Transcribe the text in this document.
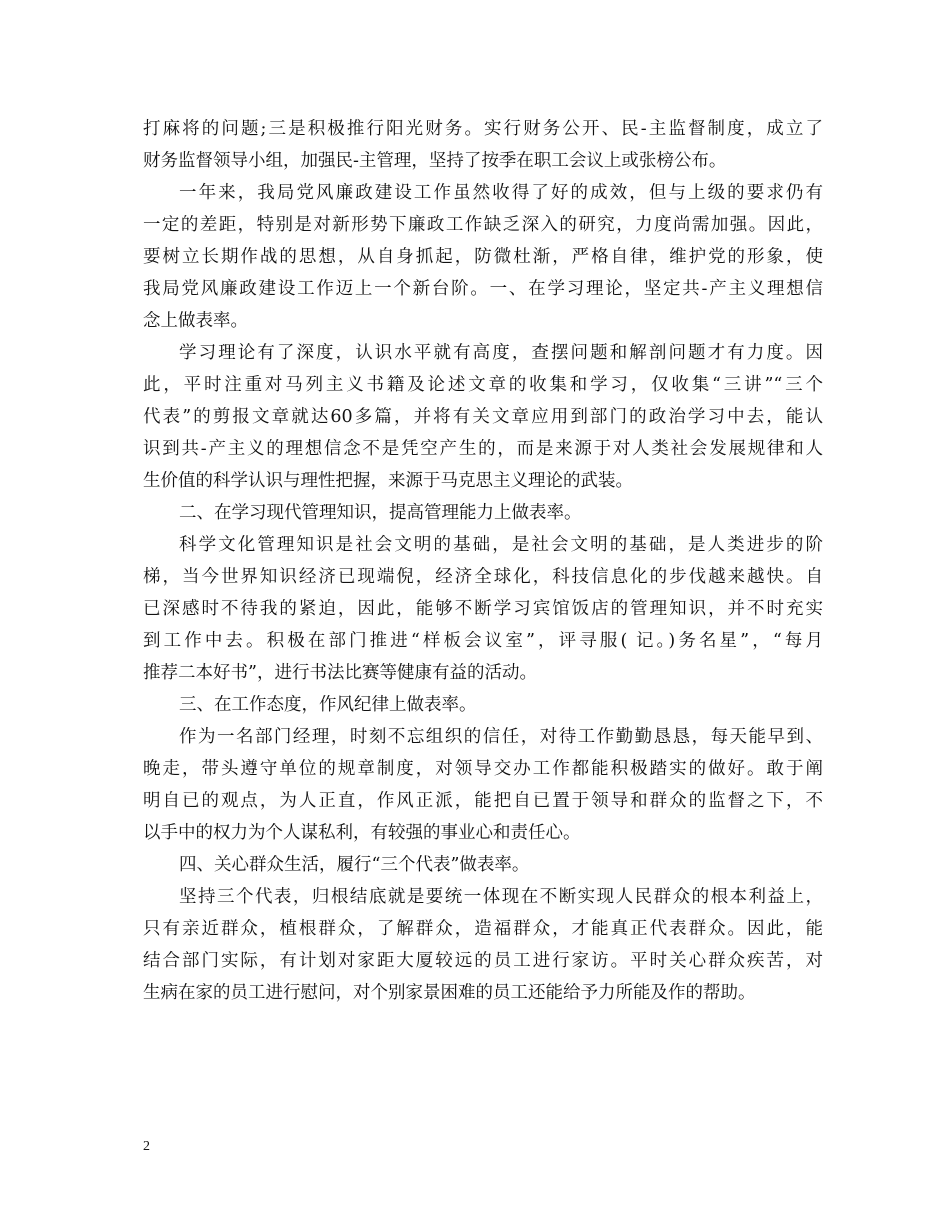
打麻将的问题;三是积极推行阳光财务。实行财务公开、民-主监督制度，成立了
财务监督领导小组，加强民-主管理，坚持了按季在职工会议上或张榜公布。
一年来，我局党风廉政建设工作虽然收得了好的成效，但与上级的要求仍有
一定的差距，特别是对新形势下廉政工作缺乏深入的研究，力度尚需加强。因此，
要树立长期作战的思想，从自身抓起，防微杜渐，严格自律，维护党的形象，使
我局党风廉政建设工作迈上一个新台阶。一、在学习理论，坚定共-产主义理想信
念上做表率。
学习理论有了深度，认识水平就有高度，查摆问题和解剖问题才有力度。因
此，平时注重对马列主义书籍及论述文章的收集和学习，仅收集“三讲”“三个
代表”的剪报文章就达60多篇，并将有关文章应用到部门的政治学习中去，能认
识到共-产主义的理想信念不是凭空产生的，而是来源于对人类社会发展规律和人
生价值的科学认识与理性把握，来源于马克思主义理论的武装。
二、在学习现代管理知识，提高管理能力上做表率。
科学文化管理知识是社会文明的基础，是社会文明的基础，是人类进步的阶
梯，当今世界知识经济已现端倪，经济全球化，科技信息化的步伐越来越快。自
已深感时不待我的紧迫，因此，能够不断学习宾馆饭店的管理知识，并不时充实
到工作中去。积极在部门推进“样板会议室”，评寻服( 记。)务名星”，“每月
推荐二本好书”，进行书法比赛等健康有益的活动。
三、在工作态度，作风纪律上做表率。
作为一名部门经理，时刻不忘组织的信任，对待工作勤勤恳恳，每天能早到、
晚走，带头遵守单位的规章制度，对领导交办工作都能积极踏实的做好。敢于阐
明自已的观点，为人正直，作风正派，能把自已置于领导和群众的监督之下，不
以手中的权力为个人谋私利，有较强的事业心和责任心。
四、关心群众生活，履行“三个代表”做表率。
坚持三个代表，归根结底就是要统一体现在不断实现人民群众的根本利益上，
只有亲近群众，植根群众，了解群众，造福群众，才能真正代表群众。因此，能
结合部门实际，有计划对家距大厦较远的员工进行家访。平时关心群众疾苦，对
生病在家的员工进行慰问，对个别家景困难的员工还能给予力所能及作的帮助。
2
